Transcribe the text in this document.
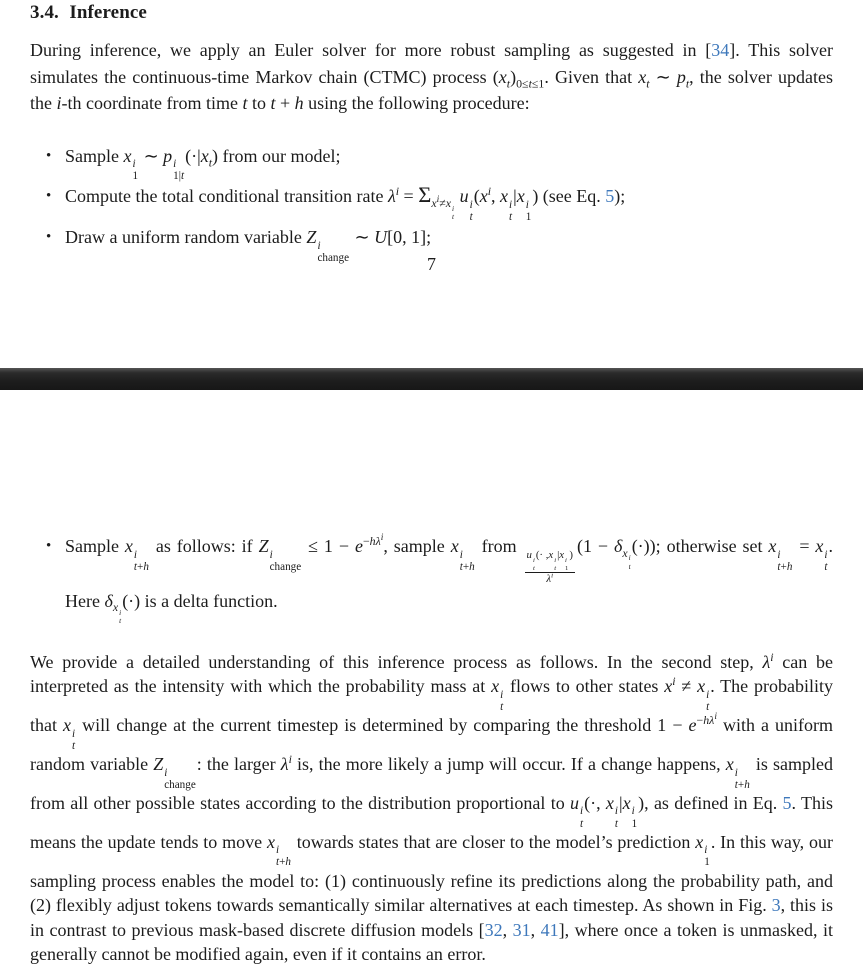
3.4. Inference

During inference, we apply an Euler solver for more robust sampling as suggested in [34]. This solver simulates the continuous-time Markov chain (CTMC) process $(x_t)_{0\le t\le 1}$. Given that $x_t$ ∼ $p_t$, the solver updates the i-th coordinate from time t to t + h using the following procedure:

• Sample x i
1
∼ p i
1|t
$(\cdot|x_t)$ from our model;
• Compute the total conditional transition rate $\lambda^i = \Sigma_{x^i\ne x i t}$
u i
t
($x^i$, x i
t
|x i
1
) (see Eq. 5);
• Draw a uniform random variable Z i
change
∼ U[0, 1];
7
• Sample x i
t+h
as follows: if Z i
change
≤ $1 - e^{-h\lambda^i}$, sample x i
t+h
from
u i
t
(· ,x i
t
|x i
1
)
$\lambda^i$
($1 - \delta_{x i t}$
(·)); otherwise set x i
t+h
= x i
t
. Here $\delta_{x i t}$
(·) is a delta function.

We provide a detailed understanding of this inference process as follows. In the second step, $\lambda^i$ can be interpreted as the intensity with which the probability mass at x i
t
flows to other states $x^i \ne x$ i
t
. The probability that x i
t
will change at the current timestep is determined by comparing the threshold $1 - e^{-h\lambda^i}$ with a uniform random variable Z i
change
: the larger $\lambda^i$ is, the more likely a jump will occur. If a change happens, x i
t+h
is sampled from all other possible states according to the distribution proportional to u i
t
(·, x i
t
|x i
1
), as defined in Eq. 5. This means the update tends to move x i
t+h
towards states that are closer to the model’s prediction x i
1
. In this way, our sampling process enables the model to: (1) continuously refine its predictions along the probability path, and (2) flexibly adjust tokens towards semantically similar alternatives at each timestep. As shown in Fig. 3, this is in contrast to previous mask-based discrete diffusion models [32, 31, 41], where once a token is unmasked, it generally cannot be modified again, even if it contains an error.
